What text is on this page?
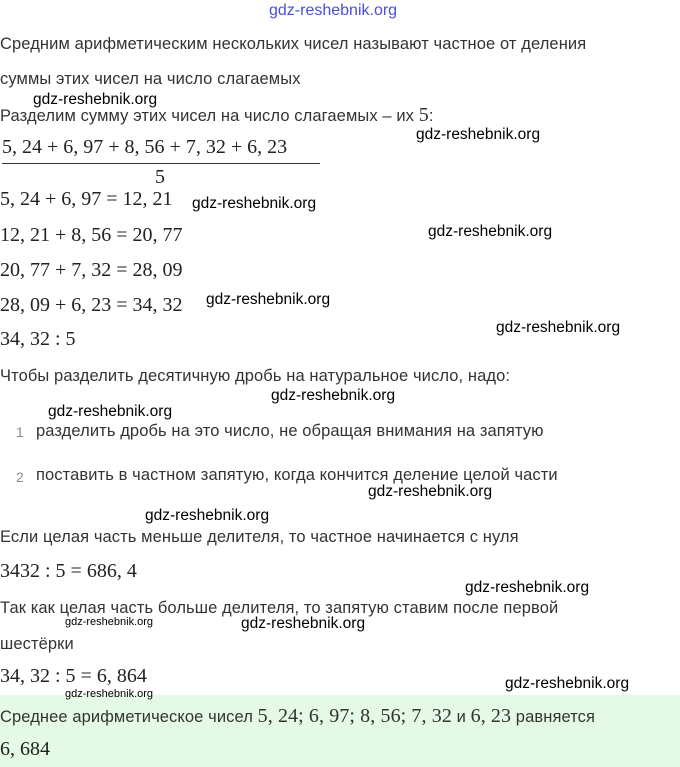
gdz-reshebnik.org
Средним арифметическим нескольких чисел называют частное от деления
суммы этих чисел на число слагаемых
Разделим сумму этих чисел на число слагаемых – их 5:
5, 24 + 6, 97 + 8, 56 + 7, 32 + 6, 23
5
5, 24 + 6, 97 = 12, 21
12, 21 + 8, 56 = 20, 77
20, 77 + 7, 32 = 28, 09
28, 09 + 6, 23 = 34, 32
34, 32 : 5
Чтобы разделить десятичную дробь на натуральное число, надо:
1 разделить дробь на это число, не обращая внимания на запятую
2 поставить в частном запятую, когда кончится деление целой части
Если целая часть меньше делителя, то частное начинается с нуля
3432 : 5 = 686, 4
Так как целая часть больше делителя, то запятую ставим после первой
шестёрки
34, 32 : 5 = 6, 864
Среднее арифметическое чисел 5, 24; 6, 97; 8, 56; 7, 32 и 6, 23 равняется
6, 684
gdz-reshebnik.org
gdz-reshebnik.org
gdz-reshebnik.org
gdz-reshebnik.org
gdz-reshebnik.org
gdz-reshebnik.org
gdz-reshebnik.org
gdz-reshebnik.org
gdz-reshebnik.org
gdz-reshebnik.org
gdz-reshebnik.org
gdz-reshebnik.org	gdz-reshebnik.org
gdz-reshebnik.org
gdz-reshebnik.org
